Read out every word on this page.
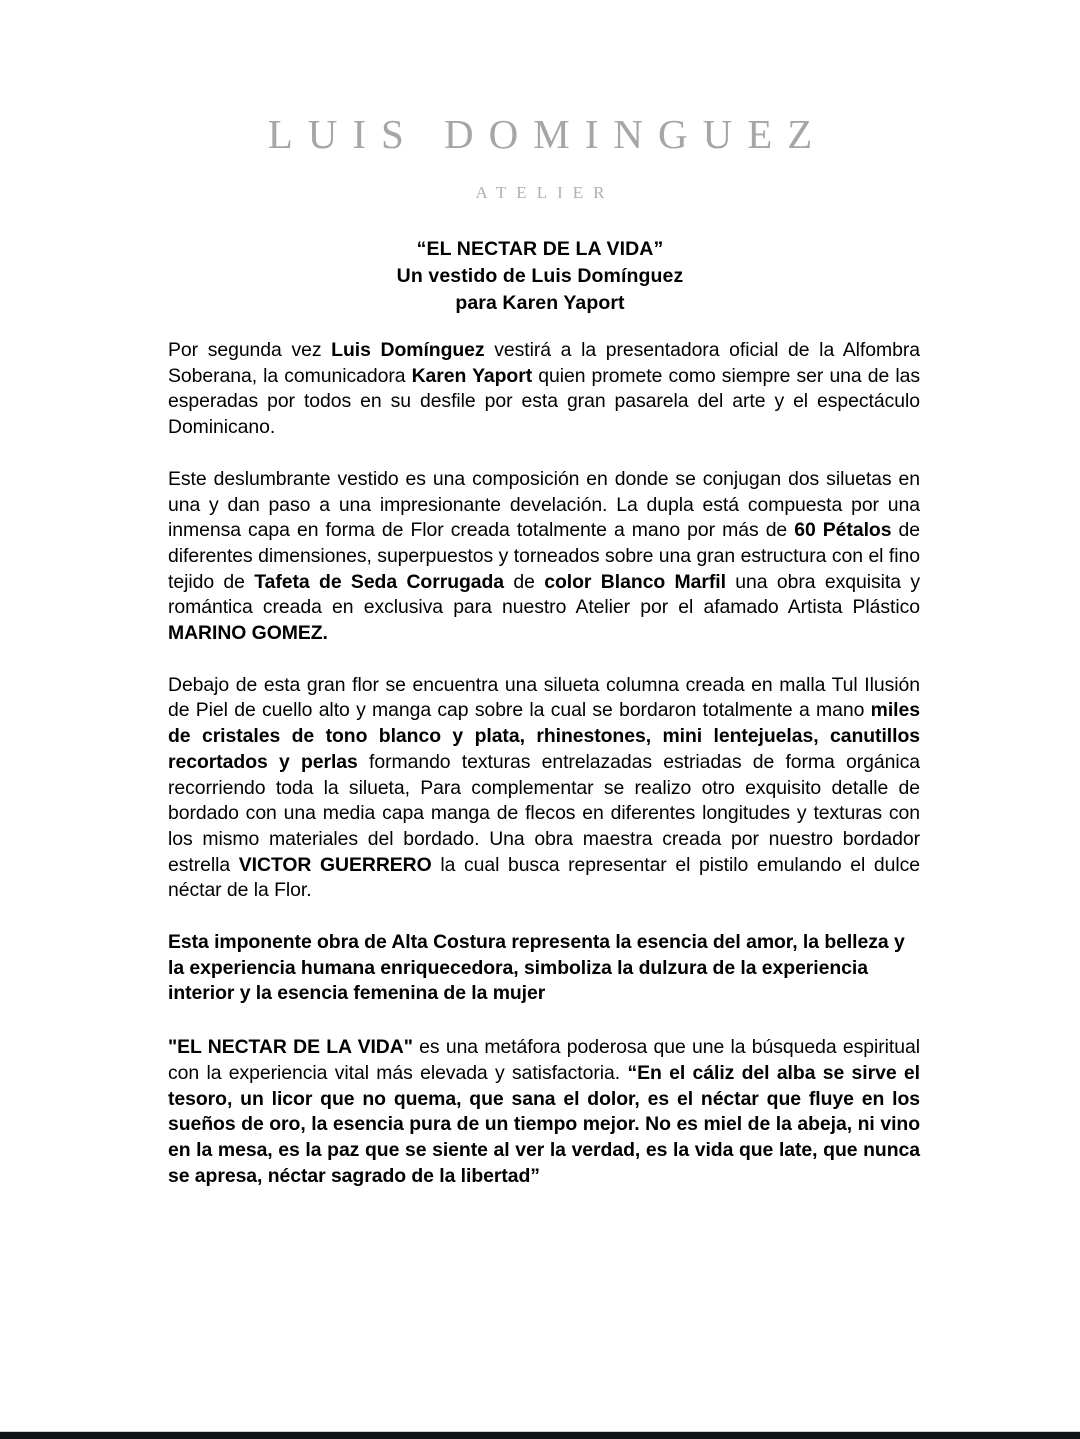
LUIS DOMINGUEZ
ATELIER
“EL NECTAR DE LA VIDA”
Un vestido de Luis Domínguez
para Karen Yaport

Por segunda vez Luis Domínguez vestirá a la presentadora oficial de la Alfombra Soberana, la comunicadora Karen Yaport quien promete como siempre ser una de las esperadas por todos en su desfile por esta gran pasarela del arte y el espectáculo Dominicano.

Este deslumbrante vestido es una composición en donde se conjugan dos siluetas en una y dan paso a una impresionante develación. La dupla está compuesta por una inmensa capa en forma de Flor creada totalmente a mano por más de 60 Pétalos de diferentes dimensiones, superpuestos y torneados sobre una gran estructura con el fino tejido de Tafeta de Seda Corrugada de color Blanco Marfil una obra exquisita y romántica creada en exclusiva para nuestro Atelier por el afamado Artista Plástico MARINO GOMEZ.

Debajo de esta gran flor se encuentra una silueta columna creada en malla Tul Ilusión de Piel de cuello alto y manga cap sobre la cual se bordaron totalmente a mano miles de cristales de tono blanco y plata, rhinestones, mini lentejuelas, canutillos recortados y perlas formando texturas entrelazadas estriadas de forma orgánica recorriendo toda la silueta, Para complementar se realizo otro exquisito detalle de bordado con una media capa manga de flecos en diferentes longitudes y texturas con los mismo materiales del bordado. Una obra maestra creada por nuestro bordador estrella VICTOR GUERRERO la cual busca representar el pistilo emulando el dulce néctar de la Flor.

Esta imponente obra de Alta Costura representa la esencia del amor, la belleza y la experiencia humana enriquecedora, simboliza la dulzura de la experiencia interior y la esencia femenina de la mujer

"EL NECTAR DE LA VIDA" es una metáfora poderosa que une la búsqueda espiritual con la experiencia vital más elevada y satisfactoria. “En el cáliz del alba se sirve el tesoro, un licor que no quema, que sana el dolor, es el néctar que fluye en los sueños de oro, la esencia pura de un tiempo mejor. No es miel de la abeja, ni vino en la mesa, es la paz que se siente al ver la verdad, es la vida que late, que nunca se apresa, néctar sagrado de la libertad”
